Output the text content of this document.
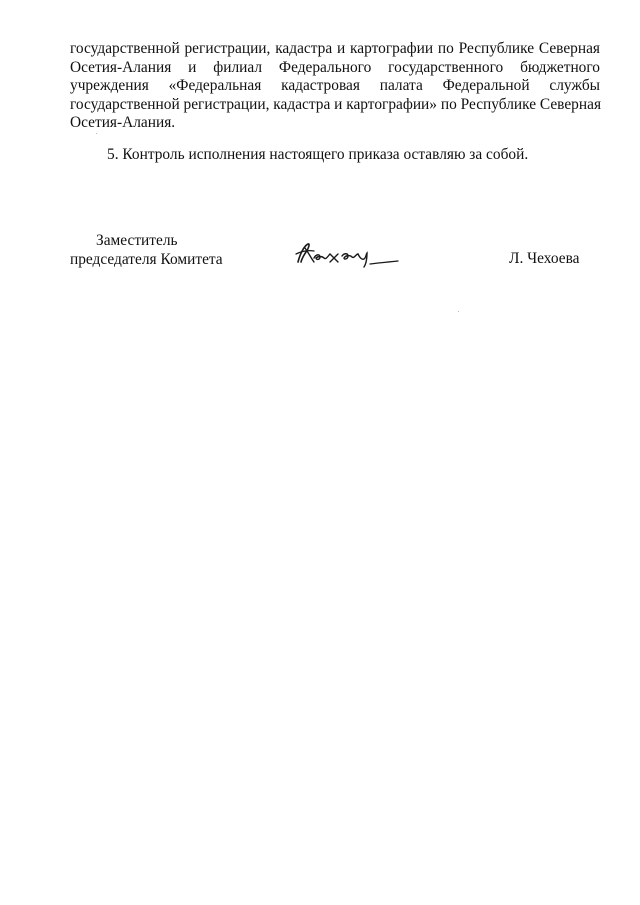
государственной регистрации, кадастра и картографии по Республике Северная
Осетия-Алания и филиал Федерального государственного бюджетного
учреждения «Федеральная кадастровая палата Федеральной службы
государственной регистрации, кадастра и картографии» по Республике Северная
Осетия-Алания.
5. Контроль исполнения настоящего приказа оставляю за собой.
Заместитель
председателя Комитета	Л. Чехоева
